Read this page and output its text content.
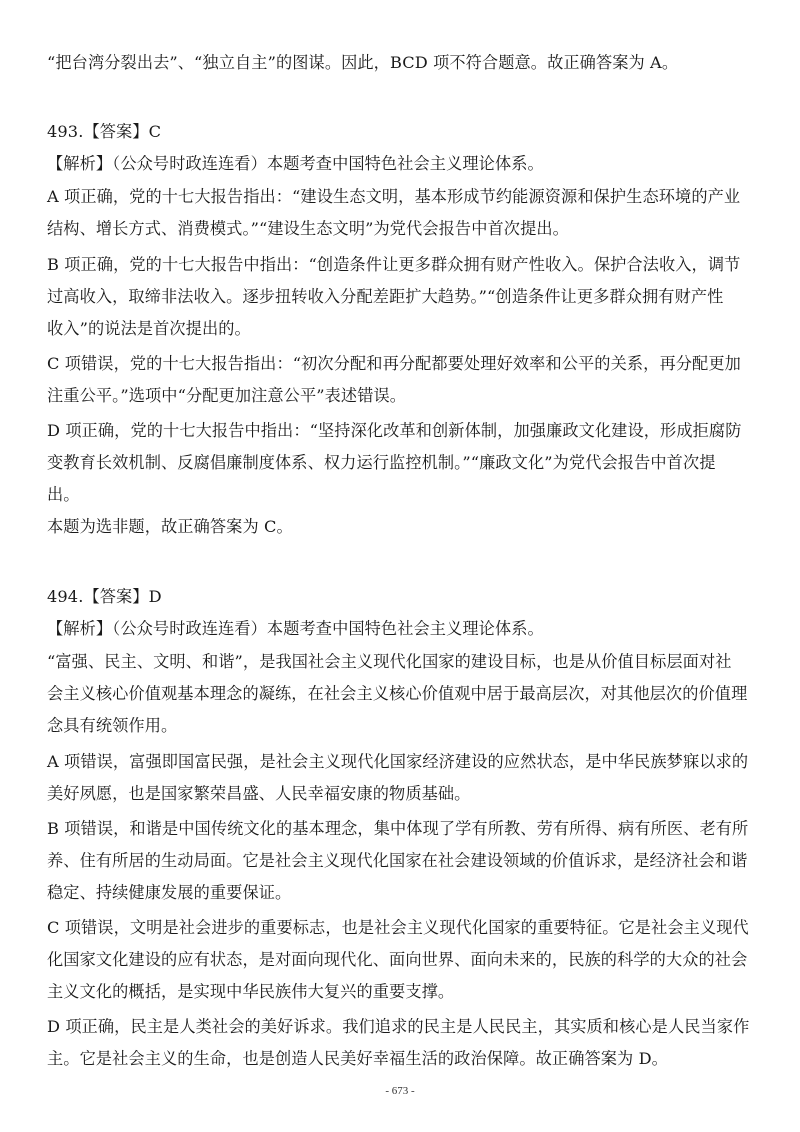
“把台湾分裂出去”、“独立自主”的图谋。因此，BCD 项不符合题意。故正确答案为 A。
493.【答案】C
【解析】（公众号时政连连看）本题考查中国特色社会主义理论体系。
A 项正确，党的十七大报告指出：“建设生态文明，基本形成节约能源资源和保护生态环境的产业
结构、增长方式、消费模式。”“建设生态文明”为党代会报告中首次提出。
B 项正确，党的十七大报告中指出：“创造条件让更多群众拥有财产性收入。保护合法收入，调节
过高收入，取缔非法收入。逐步扭转收入分配差距扩大趋势。”“创造条件让更多群众拥有财产性
收入”的说法是首次提出的。
C 项错误，党的十七大报告指出：“初次分配和再分配都要处理好效率和公平的关系，再分配更加
注重公平。”选项中“分配更加注意公平”表述错误。
D 项正确，党的十七大报告中指出：“坚持深化改革和创新体制，加强廉政文化建设，形成拒腐防
变教育长效机制、反腐倡廉制度体系、权力运行监控机制。”“廉政文化”为党代会报告中首次提
出。
本题为选非题，故正确答案为 C。
494.【答案】D
【解析】（公众号时政连连看）本题考查中国特色社会主义理论体系。
“富强、民主、文明、和谐”，是我国社会主义现代化国家的建设目标，也是从价值目标层面对社
会主义核心价值观基本理念的凝练，在社会主义核心价值观中居于最高层次，对其他层次的价值理
念具有统领作用。
A 项错误，富强即国富民强，是社会主义现代化国家经济建设的应然状态，是中华民族梦寐以求的
美好夙愿，也是国家繁荣昌盛、人民幸福安康的物质基础。
B 项错误，和谐是中国传统文化的基本理念，集中体现了学有所教、劳有所得、病有所医、老有所
养、住有所居的生动局面。它是社会主义现代化国家在社会建设领域的价值诉求，是经济社会和谐
稳定、持续健康发展的重要保证。
C 项错误，文明是社会进步的重要标志，也是社会主义现代化国家的重要特征。它是社会主义现代
化国家文化建设的应有状态，是对面向现代化、面向世界、面向未来的，民族的科学的大众的社会
主义文化的概括，是实现中华民族伟大复兴的重要支撑。
D 项正确，民主是人类社会的美好诉求。我们追求的民主是人民民主，其实质和核心是人民当家作
主。它是社会主义的生命，也是创造人民美好幸福生活的政治保障。故正确答案为 D。
- 673 -
